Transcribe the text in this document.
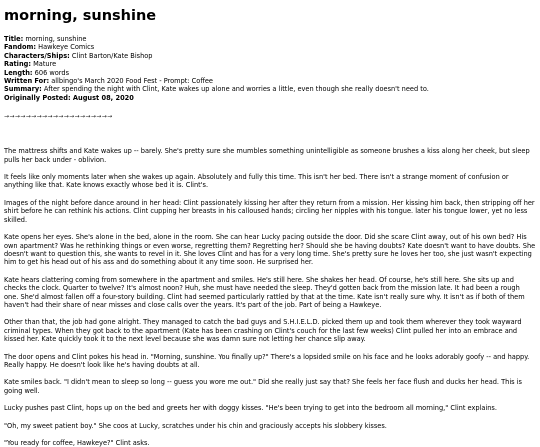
morning, sunshine
Title: morning, sunshine
Fandom: Hawkeye Comics
Characters/Ships: Clint Barton/Kate Bishop
Rating: Mature
Length: 606 words
Written For: allbingo's March 2020 Food Fest - Prompt: Coffee
Summary: After spending the night with Clint, Kate wakes up alone and worries a little, even though she really doesn't need to.
Originally Posted: August 08, 2020
→→→→→→→→→→→→→→→→→→→→

The mattress shifts and Kate wakes up -- barely. She's pretty sure she mumbles something unintelligible as someone brushes a kiss along her cheek, but sleep pulls her back under - oblivion.

It feels like only moments later when she wakes up again. Absolutely and fully this time. This isn't her bed. There isn't a strange moment of confusion or anything like that. Kate knows exactly whose bed it is. Clint's.

Images of the night before dance around in her head: Clint passionately kissing her after they return from a mission. Her kissing him back, then stripping off her shirt before he can rethink his actions. Clint cupping her breasts in his calloused hands; circling her nipples with his tongue. later his tongue lower, yet no less skilled.

Kate opens her eyes. She's alone in the bed, alone in the room. She can hear Lucky pacing outside the door. Did she scare Clint away, out of his own bed? His own apartment? Was he rethinking things or even worse, regretting them? Regretting her? Should she be having doubts? Kate doesn't want to have doubts. She doesn't want to question this, she wants to revel in it. She loves Clint and has for a very long time. She's pretty sure he loves her too, she just wasn't expecting him to get his head out of his ass and do something about it any time soon. He surprised her.

Kate hears clattering coming from somewhere in the apartment and smiles. He's still here. She shakes her head. Of course, he's still here. She sits up and checks the clock. Quarter to twelve? It's almost noon? Huh, she must have needed the sleep. They'd gotten back from the mission late. It had been a rough one. She'd almost fallen off a four-story building. Clint had seemed particularly rattled by that at the time. Kate isn't really sure why. It isn't as if both of them haven't had their share of near misses and close calls over the years. It's part of the job. Part of being a Hawkeye.

Other than that, the job had gone alright. They managed to catch the bad guys and S.H.I.E.L.D. picked them up and took them wherever they took wayward criminal types. When they got back to the apartment (Kate has been crashing on Clint's couch for the last few weeks) Clint pulled her into an embrace and kissed her. Kate quickly took it to the next level because she was damn sure not letting her chance slip away.

The door opens and Clint pokes his head in. "Morning, sunshine. You finally up?" There's a lopsided smile on his face and he looks adorably goofy -- and happy. Really happy. He doesn't look like he's having doubts at all.

Kate smiles back. "I didn't mean to sleep so long -- guess you wore me out." Did she really just say that? She feels her face flush and ducks her head. This is going well.

Lucky pushes past Clint, hops up on the bed and greets her with doggy kisses. "He's been trying to get into the bedroom all morning," Clint explains.

"Oh, my sweet patient boy." She coos at Lucky, scratches under his chin and graciously accepts his slobbery kisses.

"You ready for coffee, Hawkeye?" Clint asks.
